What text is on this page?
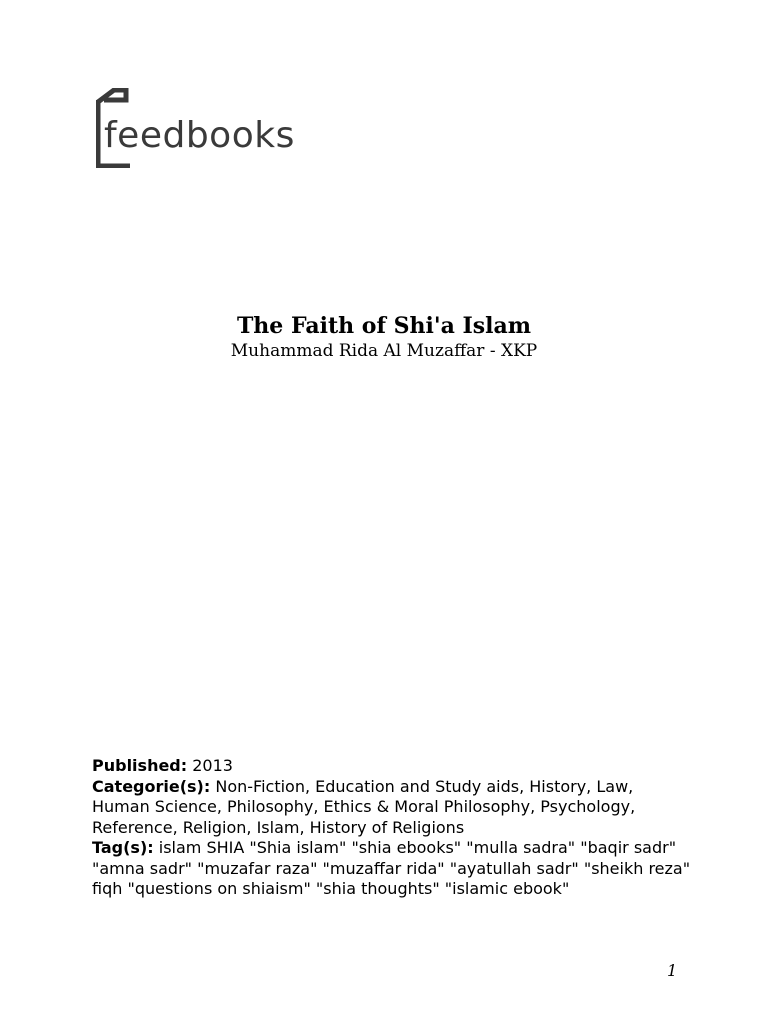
feedbooks
The Faith of Shi'a Islam
Muhammad Rida Al Muzaffar - XKP

Published: 2013

Categorie(s): Non-Fiction, Education and Study aids, History, Law, Human Science, Philosophy, Ethics & Moral Philosophy, Psychology, Reference, Religion, Islam, History of Religions

Tag(s): islam SHIA "Shia islam" "shia ebooks" "mulla sadra" "baqir sadr" "amna sadr" "muzafar raza" "muzaffar rida" "ayatullah sadr" "sheikh reza" fiqh "questions on shiaism" "shia thoughts" "islamic ebook"

1
